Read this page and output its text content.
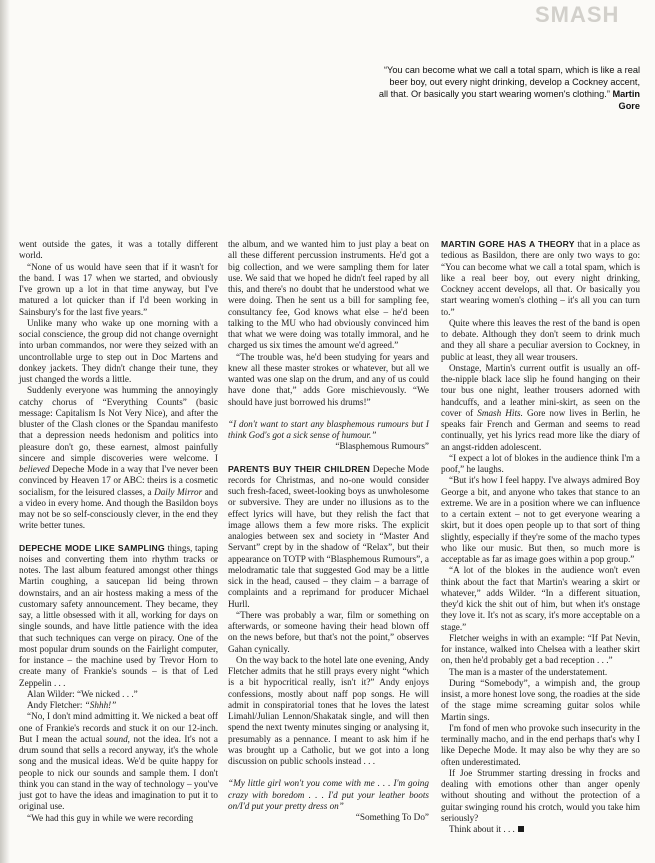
SMASH
“You can become what we call a total spam, which is like a real beer boy, out every night drinking, develop a Cockney accent, all that. Or basically you start wearing women's clothing.” Martin Gore

went outside the gates, it was a totally different world.

“None of us would have seen that if it wasn't for the band. I was 17 when we started, and obviously I've grown up a lot in that time anyway, but I've matured a lot quicker than if I'd been working in Sainsbury's for the last five years.”

Unlike many who wake up one morning with a social conscience, the group did not change overnight into urban commandos, nor were they seized with an uncontrollable urge to step out in Doc Martens and donkey jackets. They didn't change their tune, they just changed the words a little.

Suddenly everyone was humming the annoyingly catchy chorus of “Everything Counts” (basic message: Capitalism Is Not Very Nice), and after the bluster of the Clash clones or the Spandau manifesto that a depression needs hedonism and politics into pleasure don't go, these earnest, almost painfully sincere and simple discoveries were welcome. I believed Depeche Mode in a way that I've never been convinced by Heaven 17 or ABC: theirs is a cosmetic socialism, for the leisured classes, a Daily Mirror and a video in every home. And though the Basildon boys may not be so self-consciously clever, in the end they write better tunes.

DEPECHE MODE LIKE SAMPLING things, taping noises and converting them into rhythm tracks or notes. The last album featured amongst other things Martin coughing, a saucepan lid being thrown downstairs, and an air hostess making a mess of the customary safety announcement. They became, they say, a little obsessed with it all, working for days on single sounds, and have little patience with the idea that such techniques can verge on piracy. One of the most popular drum sounds on the Fairlight computer, for instance – the machine used by Trevor Horn to create many of Frankie's sounds – is that of Led Zeppelin . . .

Alan Wilder: “We nicked . . .”

Andy Fletcher: “Shhh!”

“No, I don't mind admitting it. We nicked a beat off one of Frankie's records and stuck it on our 12-inch. But I mean the actual sound, not the idea. It's not a drum sound that sells a record anyway, it's the whole song and the musical ideas. We'd be quite happy for people to nick our sounds and sample them. I don't think you can stand in the way of technology – you've just got to have the ideas and imagination to put it to original use.

“We had this guy in while we were recording

the album, and we wanted him to just play a beat on all these different percussion instruments. He'd got a big collection, and we were sampling them for later use. We said that we hoped he didn't feel raped by all this, and there's no doubt that he understood what we were doing. Then he sent us a bill for sampling fee, consultancy fee, God knows what else – he'd been talking to the MU who had obviously convinced him that what we were doing was totally immoral, and he charged us six times the amount we'd agreed.”

“The trouble was, he'd been studying for years and knew all these master strokes or whatever, but all we wanted was one slap on the drum, and any of us could have done that,” adds Gore mischievously. “We should have just borrowed his drums!”

“I don't want to start any blasphemous rumours but I think God's got a sick sense of humour.”

“Blasphemous Rumours”

PARENTS BUY THEIR CHILDREN Depeche Mode records for Christmas, and no-one would consider such fresh-faced, sweet-looking boys as unwholesome or subversive. They are under no illusions as to the effect lyrics will have, but they relish the fact that image allows them a few more risks. The explicit analogies between sex and society in “Master And Servant” crept by in the shadow of “Relax”, but their appearance on TOTP with “Blasphemous Rumours”, a melodramatic tale that suggested God may be a little sick in the head, caused – they claim – a barrage of complaints and a reprimand for producer Michael Hurll.

“There was probably a war, film or something on afterwards, or someone having their head blown off on the news before, but that's not the point,” observes Gahan cynically.

On the way back to the hotel late one evening, Andy Fletcher admits that he still prays every night “which is a bit hypocritical really, isn't it?” Andy enjoys confessions, mostly about naff pop songs. He will admit in conspiratorial tones that he loves the latest Limahl/Julian Lennon/Shakatak single, and will then spend the next twenty minutes singing or analysing it, presumably as a pennance. I meant to ask him if he was brought up a Catholic, but we got into a long discussion on public schools instead . . .

“My little girl won't you come with me . . . I'm going crazy with boredom . . . I'd put your leather boots on/I'd put your pretty dress on”

“Something To Do”

MARTIN GORE HAS A THEORY that in a place as tedious as Basildon, there are only two ways to go: “You can become what we call a total spam, which is like a real beer boy, out every night drinking, Cockney accent develops, all that. Or basically you start wearing women's clothing – it's all you can turn to.”

Quite where this leaves the rest of the band is open to debate. Although they don't seem to drink much and they all share a peculiar aversion to Cockney, in public at least, they all wear trousers.

Onstage, Martin's current outfit is usually an off-the-nipple black lace slip he found hanging on their tour bus one night, leather trousers adorned with handcuffs, and a leather mini-skirt, as seen on the cover of Smash Hits. Gore now lives in Berlin, he speaks fair French and German and seems to read continually, yet his lyrics read more like the diary of an angst-ridden adolescent.

“I expect a lot of blokes in the audience think I'm a poof,” he laughs.

“But it's how I feel happy. I've always admired Boy George a bit, and anyone who takes that stance to an extreme. We are in a position where we can influence to a certain extent – not to get everyone wearing a skirt, but it does open people up to that sort of thing slightly, especially if they're some of the macho types who like our music. But then, so much more is acceptable as far as image goes within a pop group.”

“A lot of the blokes in the audience won't even think about the fact that Martin's wearing a skirt or whatever,” adds Wilder. “In a different situation, they'd kick the shit out of him, but when it's onstage they love it. It's not as scary, it's more acceptable on a stage.”

Fletcher weighs in with an example: “If Pat Nevin, for instance, walked into Chelsea with a leather skirt on, then he'd probably get a bad reception . . .”

The man is a master of the understatement.

During “Somebody”, a wimpish and, the group insist, a more honest love song, the roadies at the side of the stage mime screaming guitar solos while Martin sings.

I'm fond of men who provoke such insecurity in the terminally macho, and in the end perhaps that's why I like Depeche Mode. It may also be why they are so often underestimated.

If Joe Strummer starting dressing in frocks and dealing with emotions other than anger openly without shouting and without the protection of a guitar swinging round his crotch, would you take him seriously?

Think about it . . .
